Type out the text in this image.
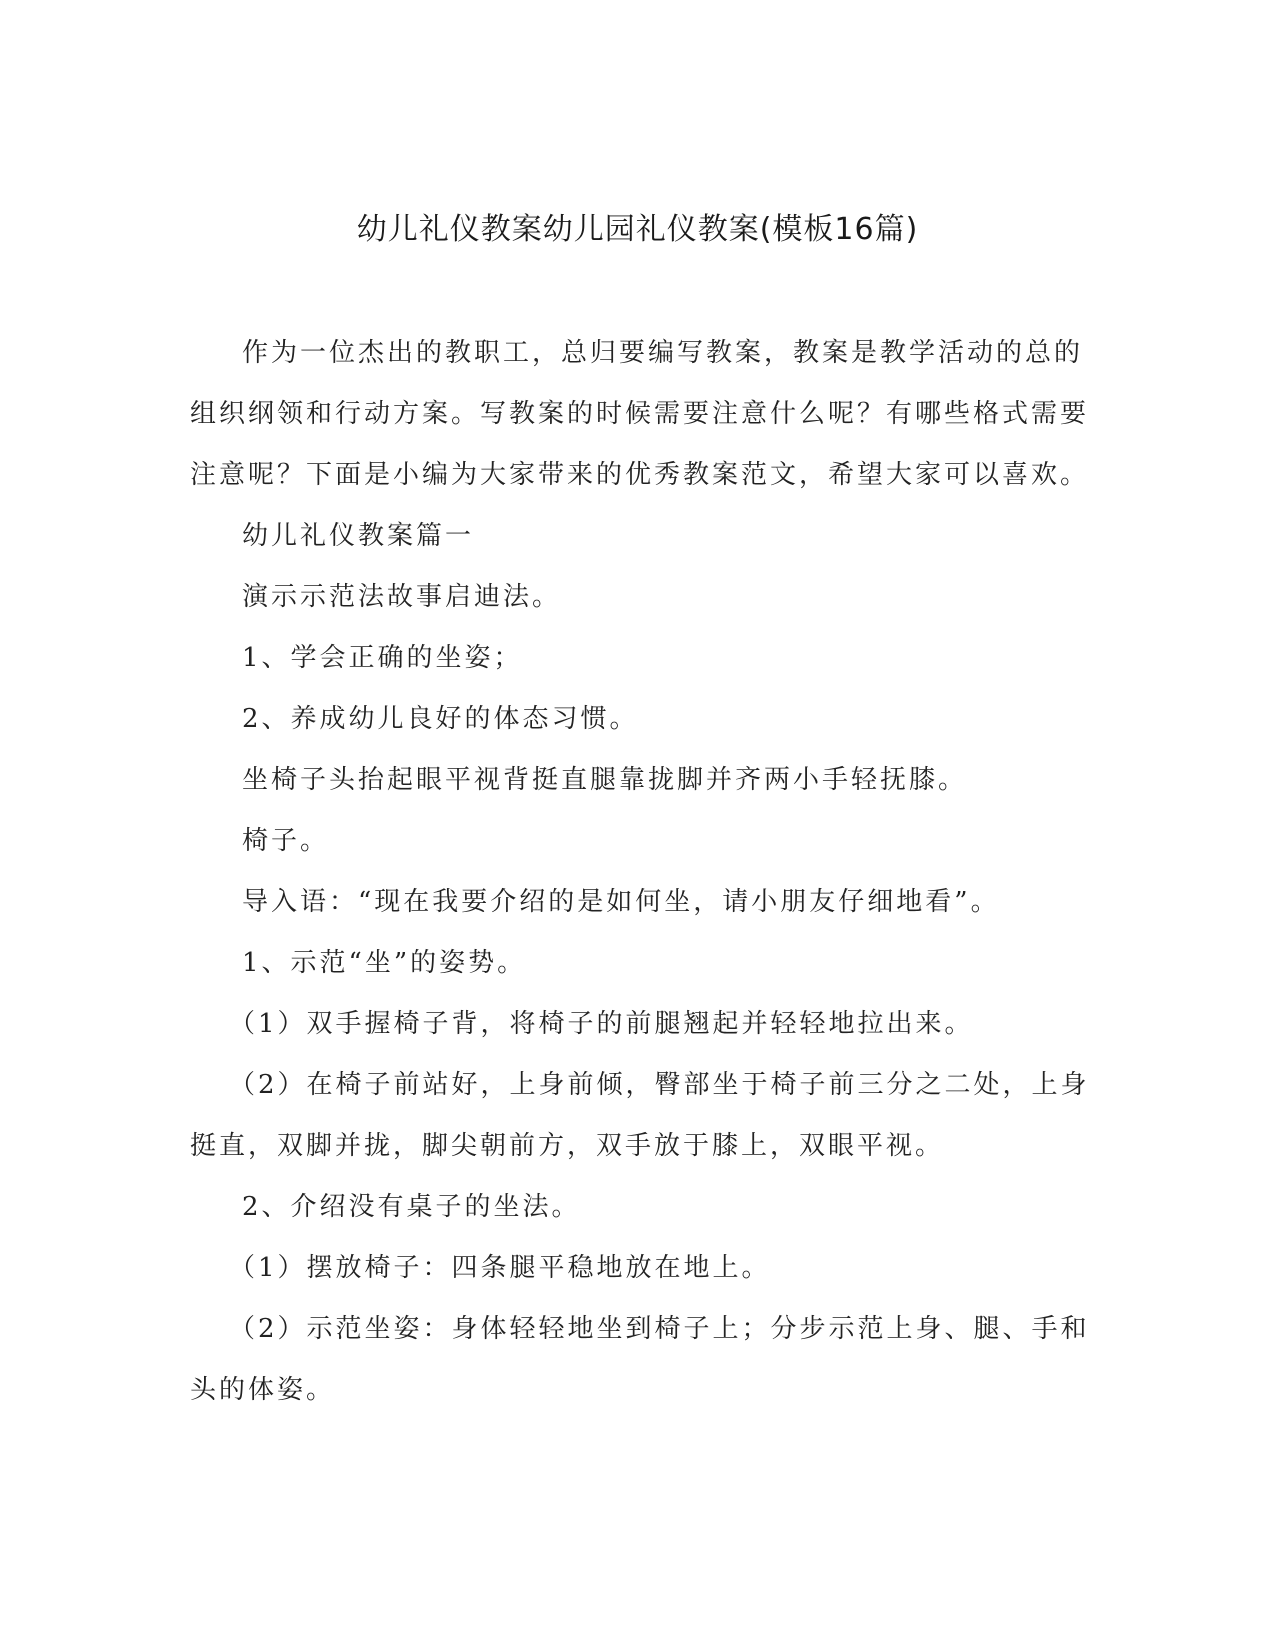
幼儿礼仪教案幼儿园礼仪教案(模板16篇)

作为一位杰出的教职工，总归要编写教案，教案是教学活动的总的组织纲领和行动方案。写教案的时候需要注意什么呢？有哪些格式需要注意呢？下面是小编为大家带来的优秀教案范文，希望大家可以喜欢。

幼儿礼仪教案篇一

演示示范法故事启迪法。

1、学会正确的坐姿；

2、养成幼儿良好的体态习惯。

坐椅子头抬起眼平视背挺直腿靠拢脚并齐两小手轻抚膝。

椅子。

导入语：“现在我要介绍的是如何坐，请小朋友仔细地看”。

1、示范“坐”的姿势。

（1）双手握椅子背，将椅子的前腿翘起并轻轻地拉出来。

（2）在椅子前站好，上身前倾，臀部坐于椅子前三分之二处，上身挺直，双脚并拢，脚尖朝前方，双手放于膝上，双眼平视。

2、介绍没有桌子的坐法。

（1）摆放椅子：四条腿平稳地放在地上。

（2）示范坐姿：身体轻轻地坐到椅子上；分步示范上身、腿、手和头的体姿。
